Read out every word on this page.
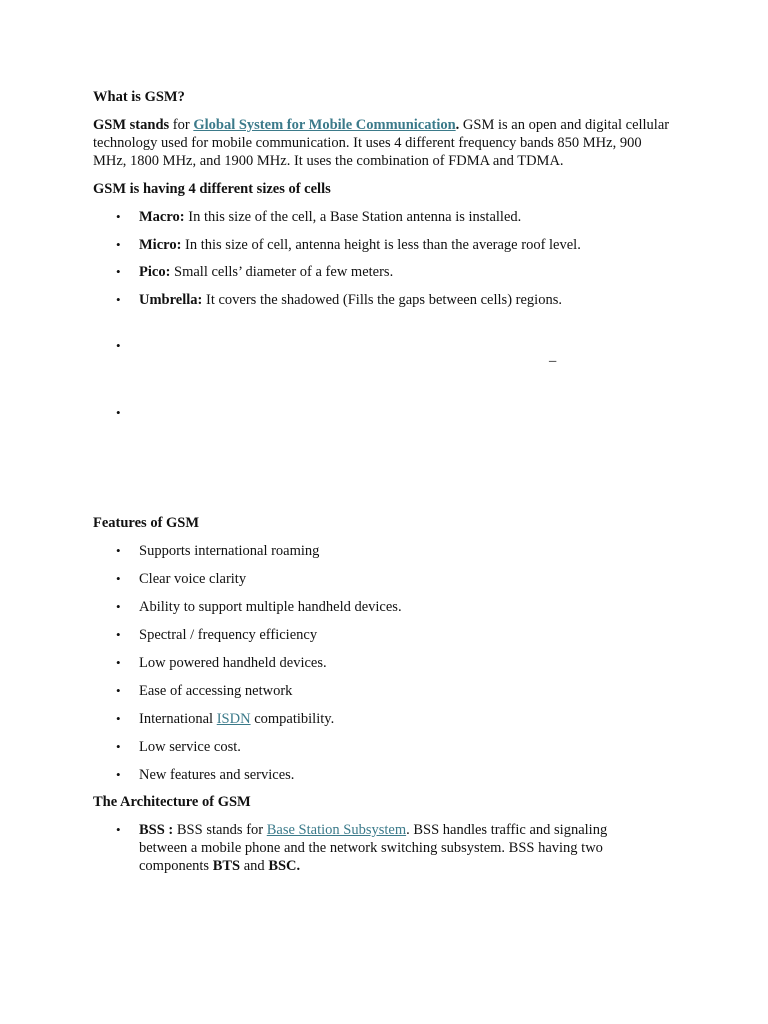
What is GSM?
GSM stands for Global System for Mobile Communication. GSM is an open and digital cellular technology used for mobile communication. It uses 4 different frequency bands 850 MHz, 900 MHz, 1800 MHz, and 1900 MHz. It uses the combination of FDMA and TDMA.
GSM is having 4 different sizes of cells
• Macro: In this size of the cell, a Base Station antenna is installed.
• Micro: In this size of cell, antenna height is less than the average roof level.
• Pico: Small cells’ diameter of a few meters.
• Umbrella: It covers the shadowed (Fills the gaps between cells) regions.
•
–
•
Features of GSM
• Supports international roaming
• Clear voice clarity
• Ability to support multiple handheld devices.
• Spectral / frequency efficiency
• Low powered handheld devices.
• Ease of accessing network
• International ISDN compatibility.
• Low service cost.
• New features and services.
The Architecture of GSM
• BSS : BSS stands for Base Station Subsystem. BSS handles traffic and signaling between a mobile phone and the network switching subsystem. BSS having two components BTS and BSC.
